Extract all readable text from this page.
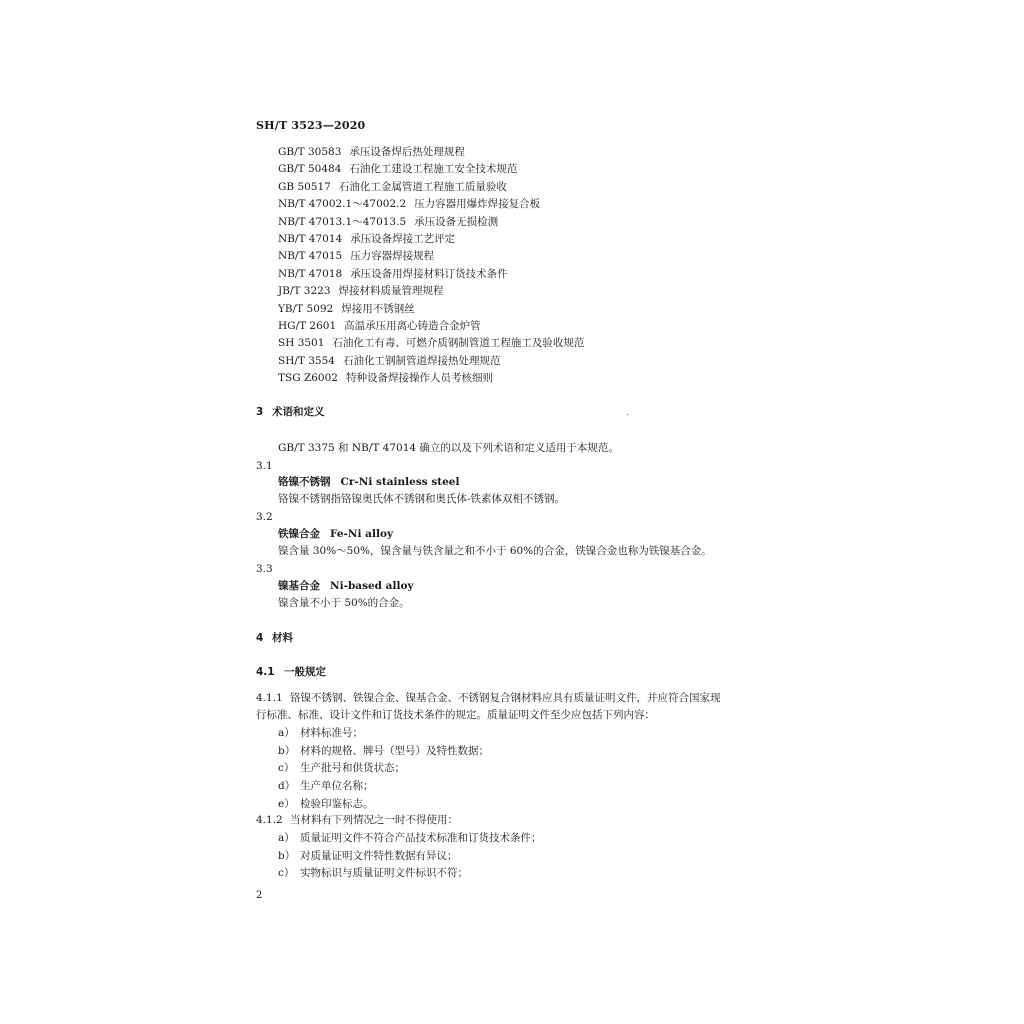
SH/T 3523—2020
GB/T 30583 承压设备焊后热处理规程
GB/T 50484 石油化工建设工程施工安全技术规范
GB 50517 石油化工金属管道工程施工质量验收
NB/T 47002.1～47002.2 压力容器用爆炸焊接复合板
NB/T 47013.1～47013.5 承压设备无损检测
NB/T 47014 承压设备焊接工艺评定
NB/T 47015 压力容器焊接规程
NB/T 47018 承压设备用焊接材料订货技术条件
JB/T 3223 焊接材料质量管理规程
YB/T 5092 焊接用不锈钢丝
HG/T 2601 高温承压用离心铸造合金炉管
SH 3501 石油化工有毒、可燃介质钢制管道工程施工及验收规范
SH/T 3554 石油化工钢制管道焊接热处理规范
TSG Z6002 特种设备焊接操作人员考核细则
3 术语和定义
GB/T 3375 和 NB/T 47014 确立的以及下列术语和定义适用于本规范。
3.1
铬镍不锈钢 Cr-Ni stainless steel
铬镍不锈钢指铬镍奥氏体不锈钢和奥氏体-铁素体双相不锈钢。
3.2
铁镍合金 Fe-Ni alloy
镍含量 30%～50%，镍含量与铁含量之和不小于 60%的合金，铁镍合金也称为铁镍基合金。
3.3
镍基合金 Ni-based alloy
镍含量不小于 50%的合金。
4 材料
4.1 一般规定
4.1.1 铬镍不锈钢、铁镍合金、镍基合金、不锈钢复合钢材料应具有质量证明文件，并应符合国家现
行标准、标准、设计文件和订货技术条件的规定。质量证明文件至少应包括下列内容：
a） 材料标准号；
b） 材料的规格、牌号（型号）及特性数据；
c） 生产批号和供货状态；
d） 生产单位名称；
e） 检验印鉴标志。
4.1.2 当材料有下列情况之一时不得使用：
a） 质量证明文件不符合产品技术标准和订货技术条件；
b） 对质量证明文件特性数据有异议；
c） 实物标识与质量证明文件标识不符；
2
